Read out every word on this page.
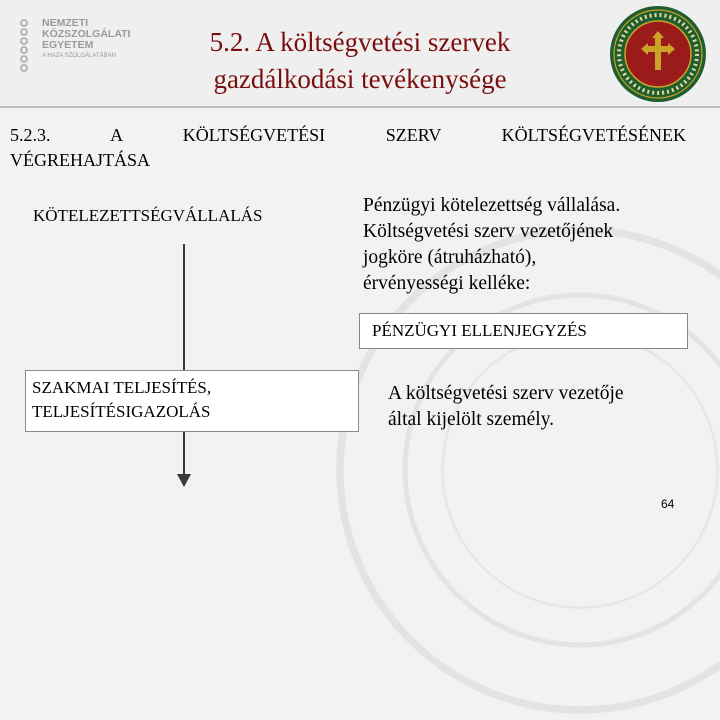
NEMZETI
KÖZSZOLGÁLATI
EGYETEM
A HAZA SZOLGÁLATÁBAN	5.2. A költségvetési szervek
gazdálkodási tevékenysége
5.2.3. A KÖLTSÉGVETÉSI SZERV KÖLTSÉGVETÉSÉNEK
VÉGREHAJTÁSA
KÖTELEZETTSÉGVÁLLALÁS	Pénzügyi kötelezettség vállalása.
Költségvetési szerv vezetőjének
jogköre (átruházható),
érvényességi kelléke:
PÉNZÜGYI ELLENJEGYZÉS
SZAKMAI TELJESÍTÉS,
TELJESÍTÉSIGAZOLÁS
A költségvetési szerv vezetője
által kijelölt személy.
64
